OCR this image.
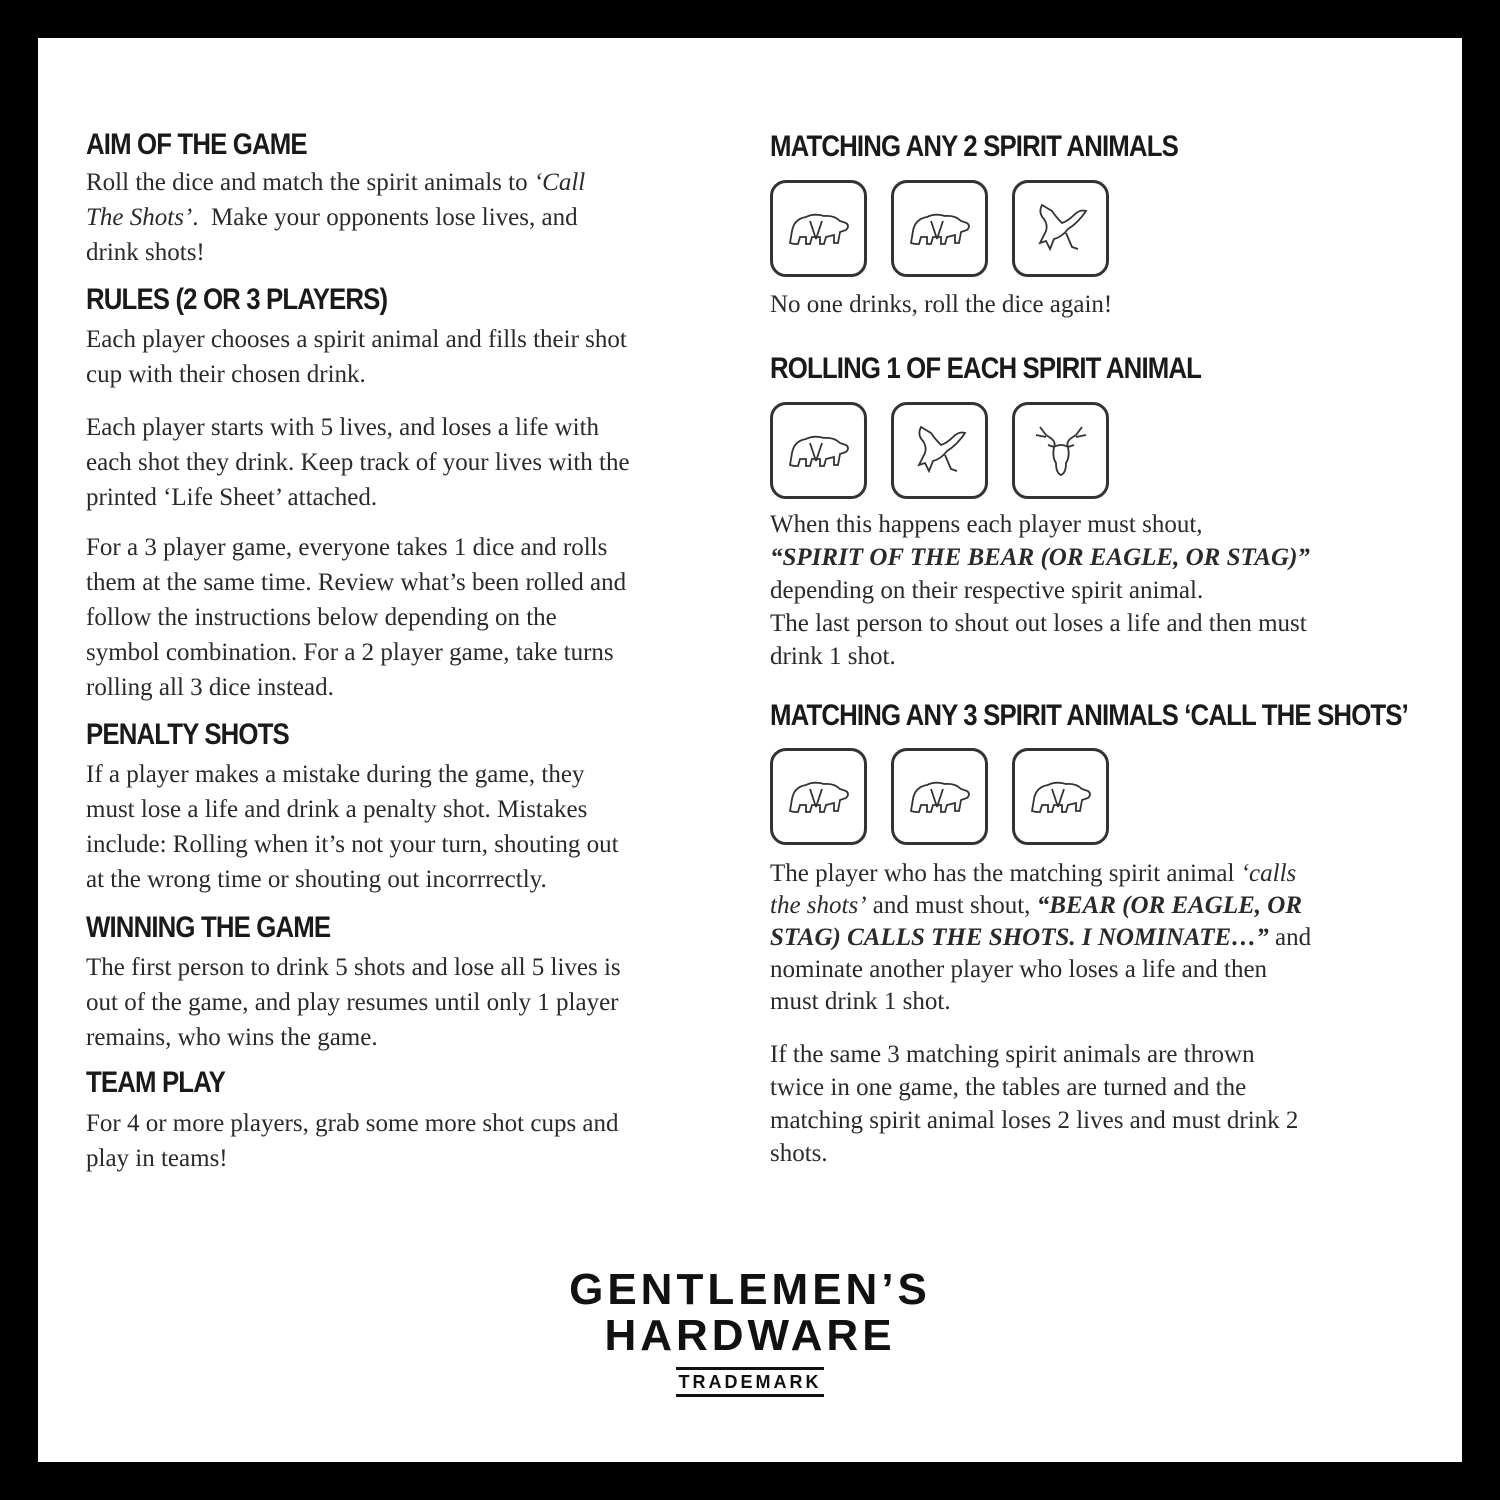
AIM OF THE GAME
Roll the dice and match the spirit animals to ‘Call
The Shots’.  Make your opponents lose lives, and
drink shots!
RULES (2 OR 3 PLAYERS)
Each player chooses a spirit animal and fills their shot
cup with their chosen drink.
Each player starts with 5 lives, and loses a life with
each shot they drink. Keep track of your lives with the
printed ‘Life Sheet’ attached.
For a 3 player game, everyone takes 1 dice and rolls
them at the same time. Review what’s been rolled and
follow the instructions below depending on the
symbol combination. For a 2 player game, take turns
rolling all 3 dice instead.
PENALTY SHOTS
If a player makes a mistake during the game, they
must lose a life and drink a penalty shot. Mistakes
include: Rolling when it’s not your turn, shouting out
at the wrong time or shouting out incorrrectly.
WINNING THE GAME
The first person to drink 5 shots and lose all 5 lives is
out of the game, and play resumes until only 1 player
remains, who wins the game.
TEAM PLAY
For 4 or more players, grab some more shot cups and
play in teams!
MATCHING ANY 2 SPIRIT ANIMALS
No one drinks, roll the dice again!
ROLLING 1 OF EACH SPIRIT ANIMAL
When this happens each player must shout,
“SPIRIT OF THE BEAR (OR EAGLE, OR STAG)”
depending on their respective spirit animal.
The last person to shout out loses a life and then must
drink 1 shot.
MATCHING ANY 3 SPIRIT ANIMALS ‘CALL THE SHOTS’
The player who has the matching spirit animal ‘calls
the shots’ and must shout, “BEAR (OR EAGLE, OR
STAG) CALLS THE SHOTS. I NOMINATE…” and
nominate another player who loses a life and then
must drink 1 shot.
If the same 3 matching spirit animals are thrown
twice in one game, the tables are turned and the
matching spirit animal loses 2 lives and must drink 2
shots.
GENTLEMEN’S
HARDWARE
TRADEMARK
